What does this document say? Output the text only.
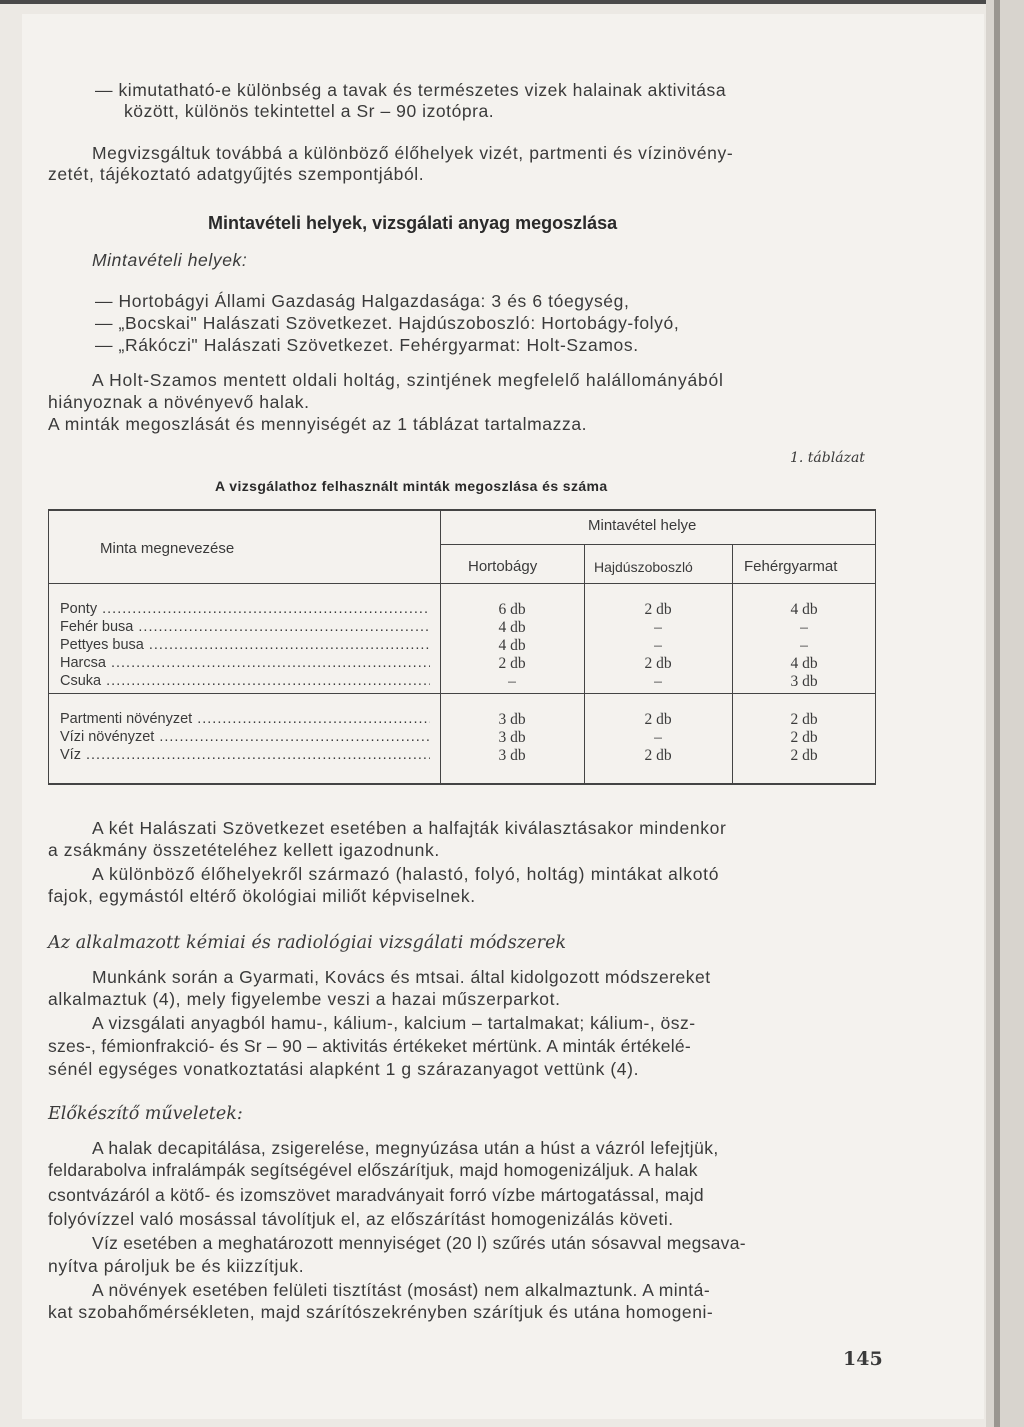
— kimutatható-e különbség a tavak és természetes vizek halainak aktivitása
között, különös tekintettel a Sr – 90 izotópra.
Megvizsgáltuk továbbá a különböző élőhelyek vizét, partmenti és vízinövény-
zetét, tájékoztató adatgyűjtés szempontjából.
Mintavételi helyek, vizsgálati anyag megoszlása
Mintavételi helyek:
— Hortobágyi Állami Gazdaság Halgazdasága: 3 és 6 tóegység,
— „Bocskai" Halászati Szövetkezet. Hajdúszoboszló: Hortobágy-folyó,
— „Rákóczi" Halászati Szövetkezet. Fehérgyarmat: Holt-Szamos.
A Holt-Szamos mentett oldali holtág, szintjének megfelelő halállományából
hiányoznak a növényevő halak.
A minták megoszlását és mennyiségét az 1 táblázat tartalmazza.
1. táblázat
A vizsgálathoz felhasznált minták megoszlása és száma
Minta megnevezése
Mintavétel helye
Hortobágy	Hajdúszoboszló	Fehérgyarmat
Ponty .....	6 db	2 db	4 db
Fehér busa .....	4 db	–	–
Pettyes busa .....	4 db	–	–
Harcsa .....	2 db	2 db	4 db
Csuka .....	–	–	3 db
Partmenti növényzet .....	3 db	2 db	2 db
Vízi növényzet .....	3 db	–	2 db
Víz .....	3 db	2 db	2 db
A két Halászati Szövetkezet esetében a halfajták kiválasztásakor mindenkor
a zsákmány összetételéhez kellett igazodnunk.
A különböző élőhelyekről származó (halastó, folyó, holtág) mintákat alkotó
fajok, egymástól eltérő ökológiai miliőt képviselnek.
Az alkalmazott kémiai és radiológiai vizsgálati módszerek
Munkánk során a Gyarmati, Kovács és mtsai. által kidolgozott módszereket
alkalmaztuk (4), mely figyelembe veszi a hazai műszerparkot.
A vizsgálati anyagból hamu-, kálium-, kalcium – tartalmakat; kálium-, ösz-
szes-, fémionfrakció- és Sr – 90 – aktivitás értékeket mértünk. A minták értékelé-
sénél egységes vonatkoztatási alapként 1 g szárazanyagot vettünk (4).
Előkészítő műveletek:
A halak decapitálása, zsigerelése, megnyúzása után a húst a vázról lefejtjük,
feldarabolva infralámpák segítségével előszárítjuk, majd homogenizáljuk. A halak
csontvázáról a kötő- és izomszövet maradványait forró vízbe mártogatással, majd
folyóvízzel való mosással távolítjuk el, az előszárítást homogenizálás követi.
Víz esetében a meghatározott mennyiséget (20 l) szűrés után sósavval megsava-
nyítva pároljuk be és kiizzítjuk.
A növények esetében felületi tisztítást (mosást) nem alkalmaztunk. A mintá-
kat szobahőmérsékleten, majd szárítószekrényben szárítjuk és utána homogeni-
145
